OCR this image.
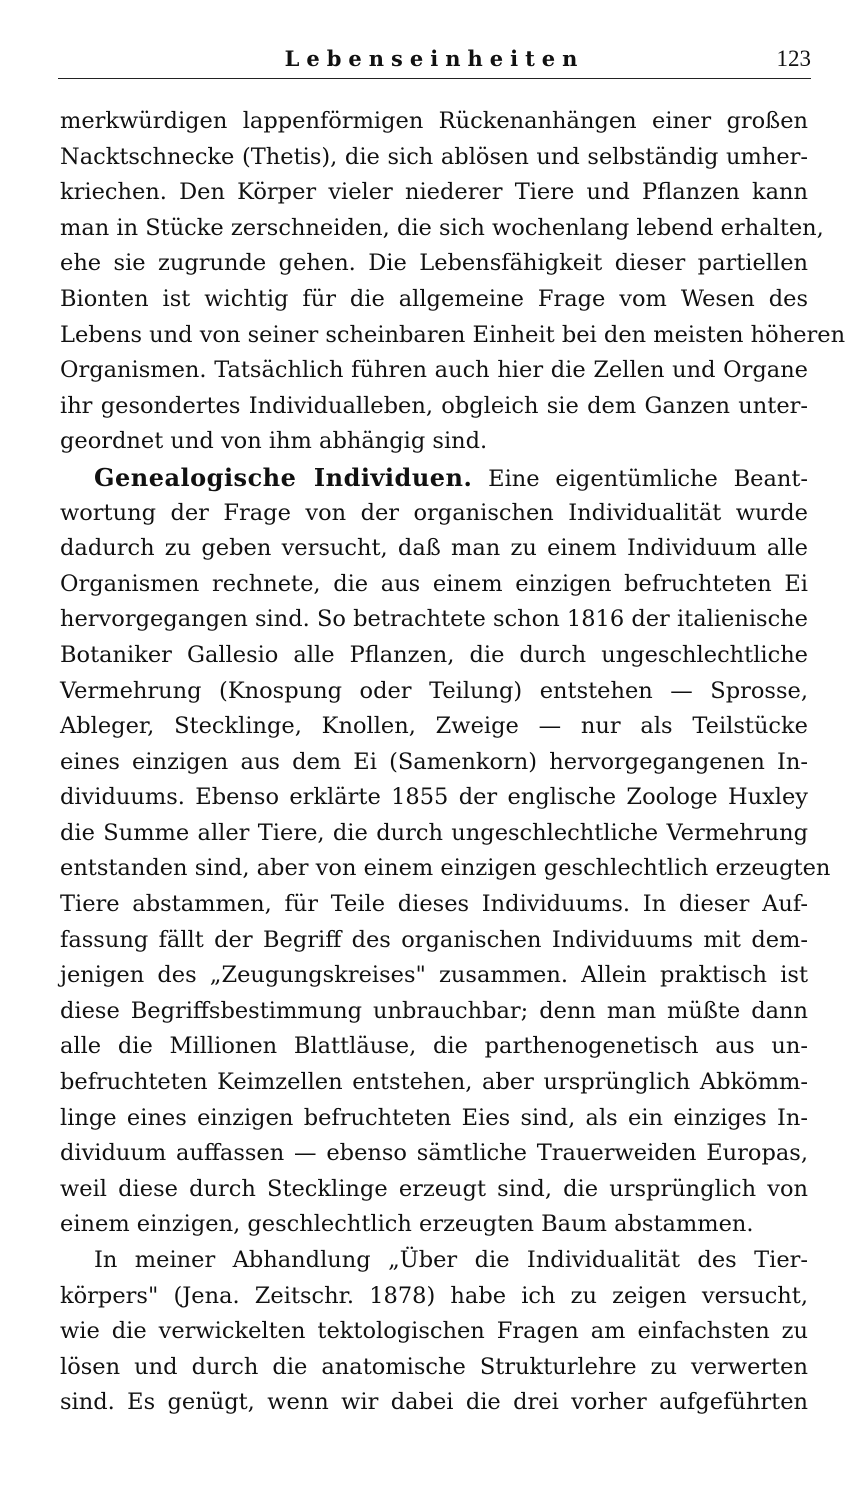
Lebenseinheiten	123
merkwürdigen lappenförmigen Rückenanhängen einer großen
Nacktschnecke (Thetis), die sich ablösen und selbständig umher-
kriechen. Den Körper vieler niederer Tiere und Pflanzen kann
man in Stücke zerschneiden, die sich wochenlang lebend erhalten,
ehe sie zugrunde gehen. Die Lebensfähigkeit dieser partiellen
Bionten ist wichtig für die allgemeine Frage vom Wesen des
Lebens und von seiner scheinbaren Einheit bei den meisten höheren
Organismen. Tatsächlich führen auch hier die Zellen und Organe
ihr gesondertes Individualleben, obgleich sie dem Ganzen unter-
geordnet und von ihm abhängig sind.
Genealogische Individuen. Eine eigentümliche Beant-
wortung der Frage von der organischen Individualität wurde
dadurch zu geben versucht, daß man zu einem Individuum alle
Organismen rechnete, die aus einem einzigen befruchteten Ei
hervorgegangen sind. So betrachtete schon 1816 der italienische
Botaniker Gallesio alle Pflanzen, die durch ungeschlechtliche
Vermehrung (Knospung oder Teilung) entstehen — Sprosse,
Ableger, Stecklinge, Knollen, Zweige — nur als Teilstücke
eines einzigen aus dem Ei (Samenkorn) hervorgegangenen In-
dividuums. Ebenso erklärte 1855 der englische Zoologe Huxley
die Summe aller Tiere, die durch ungeschlechtliche Vermehrung
entstanden sind, aber von einem einzigen geschlechtlich erzeugten
Tiere abstammen, für Teile dieses Individuums. In dieser Auf-
fassung fällt der Begriff des organischen Individuums mit dem-
jenigen des „Zeugungskreises" zusammen. Allein praktisch ist
diese Begriffsbestimmung unbrauchbar; denn man müßte dann
alle die Millionen Blattläuse, die parthenogenetisch aus un-
befruchteten Keimzellen entstehen, aber ursprünglich Abkömm-
linge eines einzigen befruchteten Eies sind, als ein einziges In-
dividuum auffassen — ebenso sämtliche Trauerweiden Europas,
weil diese durch Stecklinge erzeugt sind, die ursprünglich von
einem einzigen, geschlechtlich erzeugten Baum abstammen.
In meiner Abhandlung „Über die Individualität des Tier-
körpers" (Jena. Zeitschr. 1878) habe ich zu zeigen versucht,
wie die verwickelten tektologischen Fragen am einfachsten zu
lösen und durch die anatomische Strukturlehre zu verwerten
sind. Es genügt, wenn wir dabei die drei vorher aufgeführten
